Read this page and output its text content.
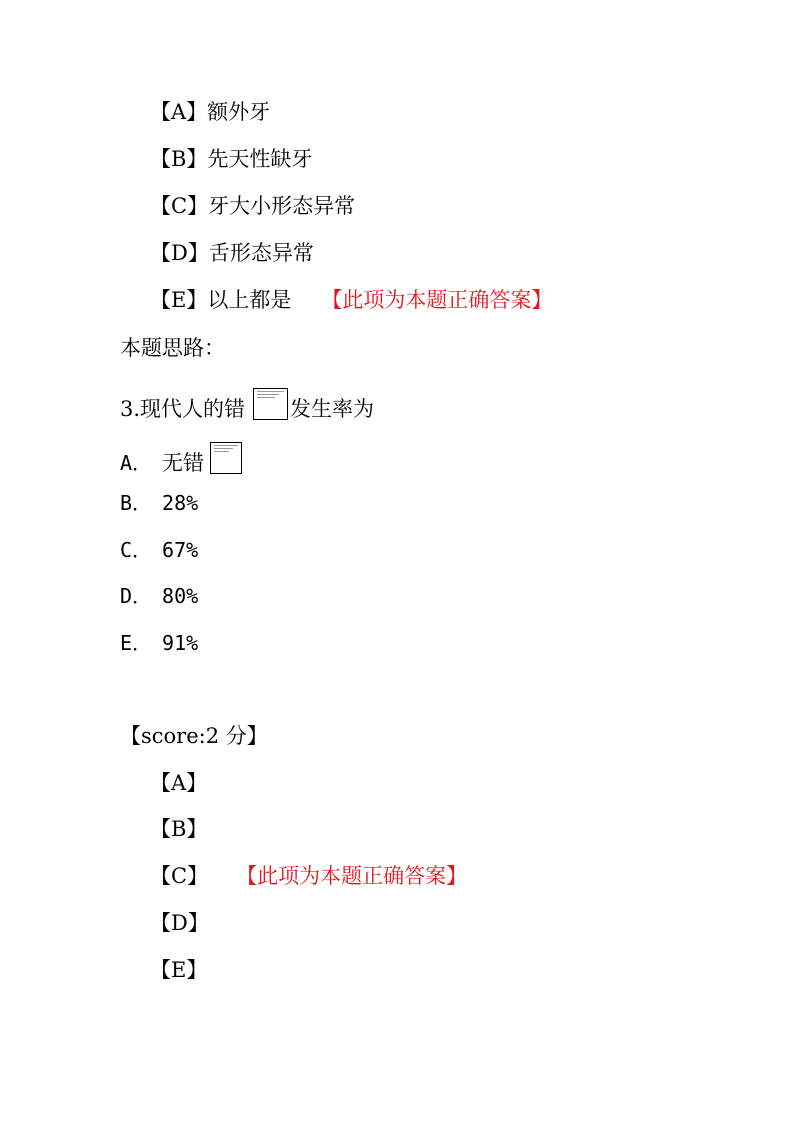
【A】额外牙
【B】先天性缺牙
【C】牙大小形态异常
【D】舌形态异常
【E】以上都是 【此项为本题正确答案】
本题思路：
3.现代人的错 发生率为
A． 无错
B． 28%
C． 67%
D． 80%
E． 91%
【score:2 分】
【A】
【B】
【C】 【此项为本题正确答案】
【D】
【E】
